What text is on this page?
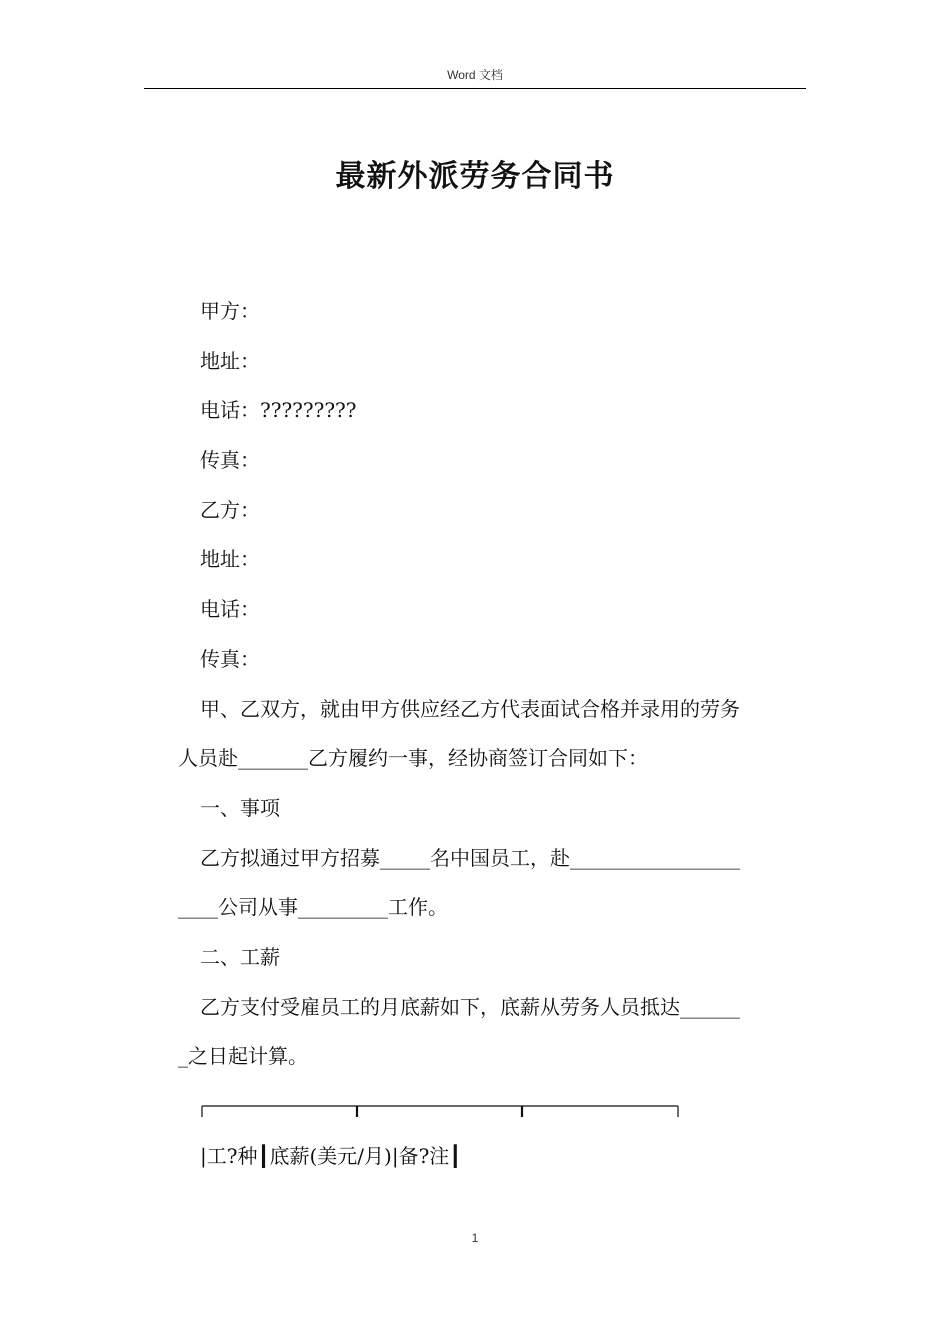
Word 文档
最新外派劳务合同书
甲方：
地址：
电话：?????????
传真：
乙方：
地址：
电话：
传真：
甲、乙双方，就由甲方供应经乙方代表面试合格并录用的劳务
人员赴_______乙方履约一事，经协商签订合同如下：
一、事项
乙方拟通过甲方招募_____名中国员工，赴_________________
____公司从事_________工作。
二、工薪
乙方支付受雇员工的月底薪如下，底薪从劳务人员抵达______
_之日起计算。
|工?种┃底薪(美元/月)|备?注┃
1
